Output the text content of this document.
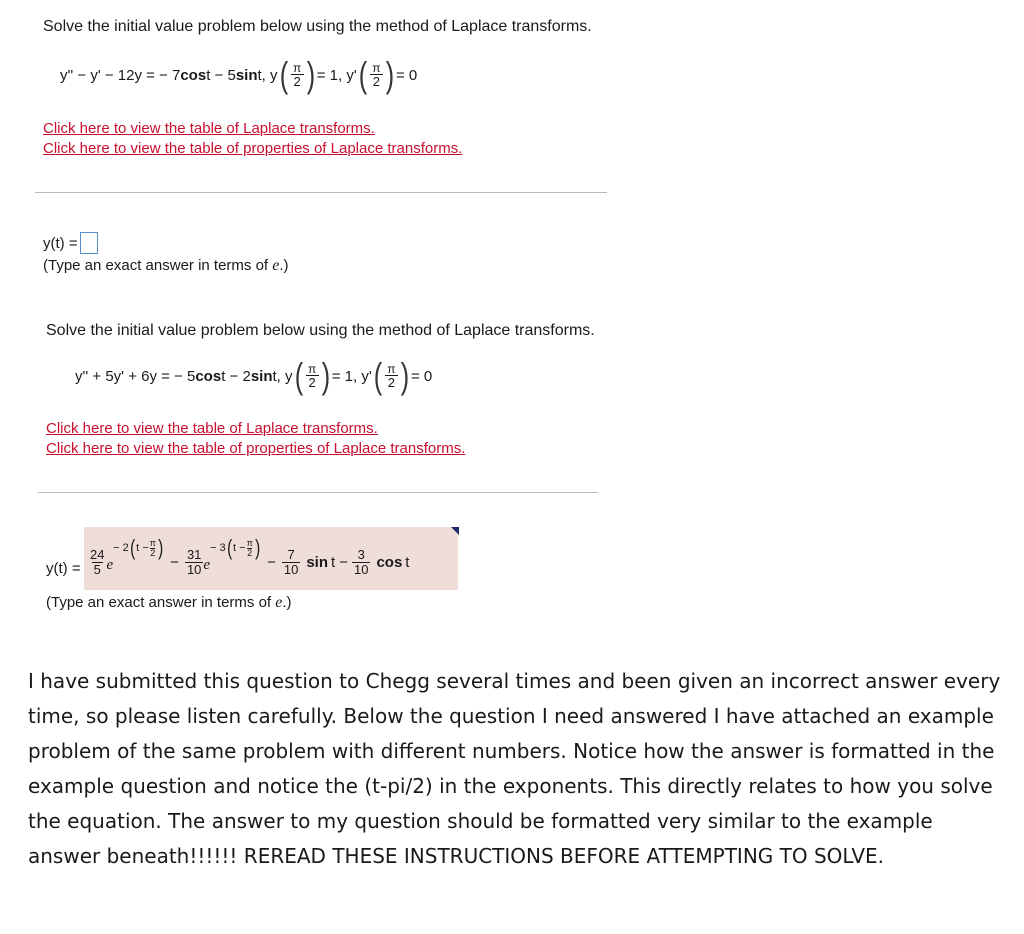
Solve the initial value problem below using the method of Laplace transforms.
y'' − y' − 12y = − 7 cos t − 5 sin t, y ( $\frac{\pi}{2}$ ) = 1, y' ( $\frac{\pi}{2}$ ) = 0
Click here to view the table of Laplace transforms.
Click here to view the table of properties of Laplace transforms.
y(t) =
(Type an exact answer in terms of e.)
Solve the initial value problem below using the method of Laplace transforms.
y'' + 5y' + 6y = − 5 cos t − 2 sin t, y ( $\frac{\pi}{2}$ ) = 1, y' ( $\frac{\pi}{2}$ ) = 0
Click here to view the table of Laplace transforms.
Click here to view the table of properties of Laplace transforms.
y(t) =
24
5 e
− 2 ( $t - \frac{\pi}{2}$ )
− $\frac{31}{10}$ e
− 3 ( $t - \frac{\pi}{2}$ )
− $\frac{7}{10}$ $\sin t - \frac{3}{10}$ cos t
(Type an exact answer in terms of e.)
I have submitted this question to Chegg several times and been given an incorrect answer every time, so please listen carefully. Below the question I need answered I have attached an example problem of the same problem with different numbers. Notice how the answer is formatted in the example question and notice the (t-pi/2) in the exponents. This directly relates to how you solve the equation. The answer to my question should be formatted very similar to the example answer beneath!!!!!! REREAD THESE INSTRUCTIONS BEFORE ATTEMPTING TO SOLVE.
